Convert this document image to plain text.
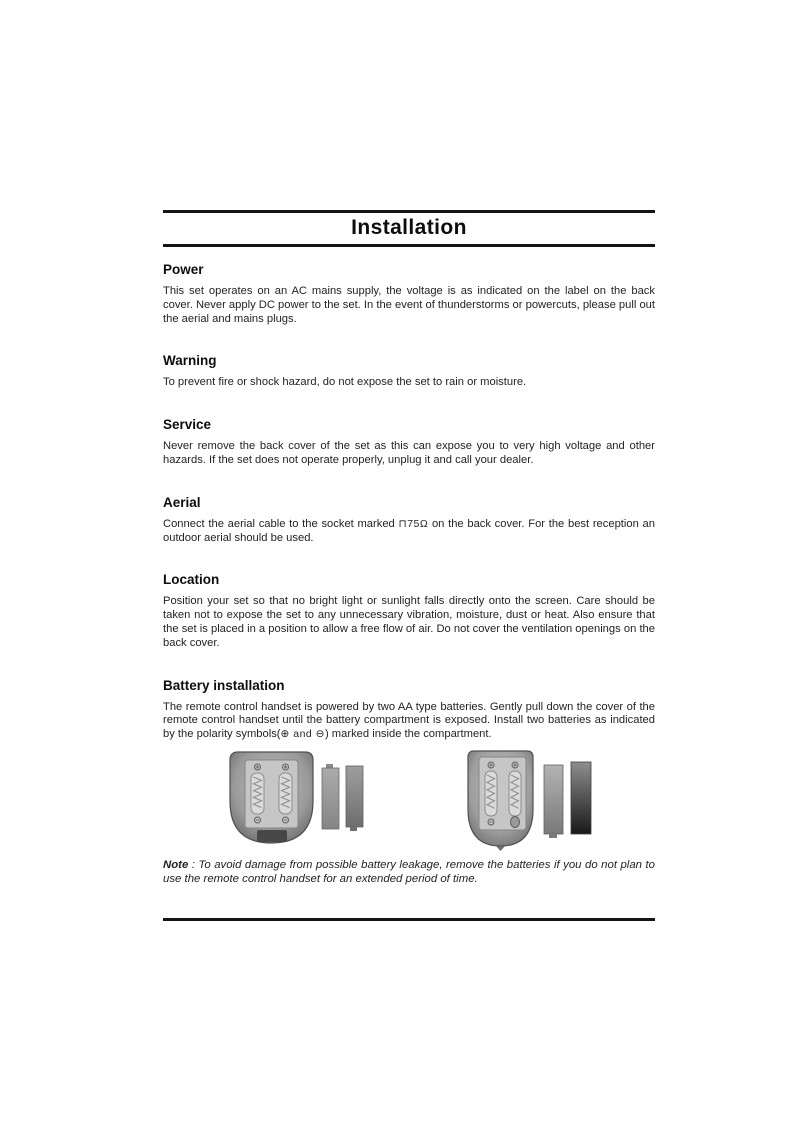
Installation
Power

This set operates on an AC mains supply, the voltage is as indicated on the label on the back cover. Never apply DC power to the set. In the event of thunderstorms or powercuts, please pull out the aerial and mains plugs.

Warning

To prevent fire or shock hazard, do not expose the set to rain or moisture.

Service

Never remove the back cover of the set as this can expose you to very high voltage and other hazards. If the set does not operate properly, unplug it and call your dealer.

Aerial

Connect the aerial cable to the socket marked ⊓75Ω on the back cover. For the best reception an outdoor aerial should be used.

Location

Position your set so that no bright light or sunlight falls directly onto the screen. Care should be taken not to expose the set to any unnecessary vibration, moisture, dust or heat. Also ensure that the set is placed in a position to allow a free flow of air. Do not cover the ventilation openings on the back cover.

Battery installation

The remote control handset is powered by two AA type batteries. Gently pull down the cover of the remote control handset until the battery compartment is exposed. Install two batteries as indicated by the polarity symbols(⊕ and ⊖) marked inside the compartment.

Note : To avoid damage from possible battery leakage, remove the batteries if you do not plan to use the remote control handset for an extended period of time.
